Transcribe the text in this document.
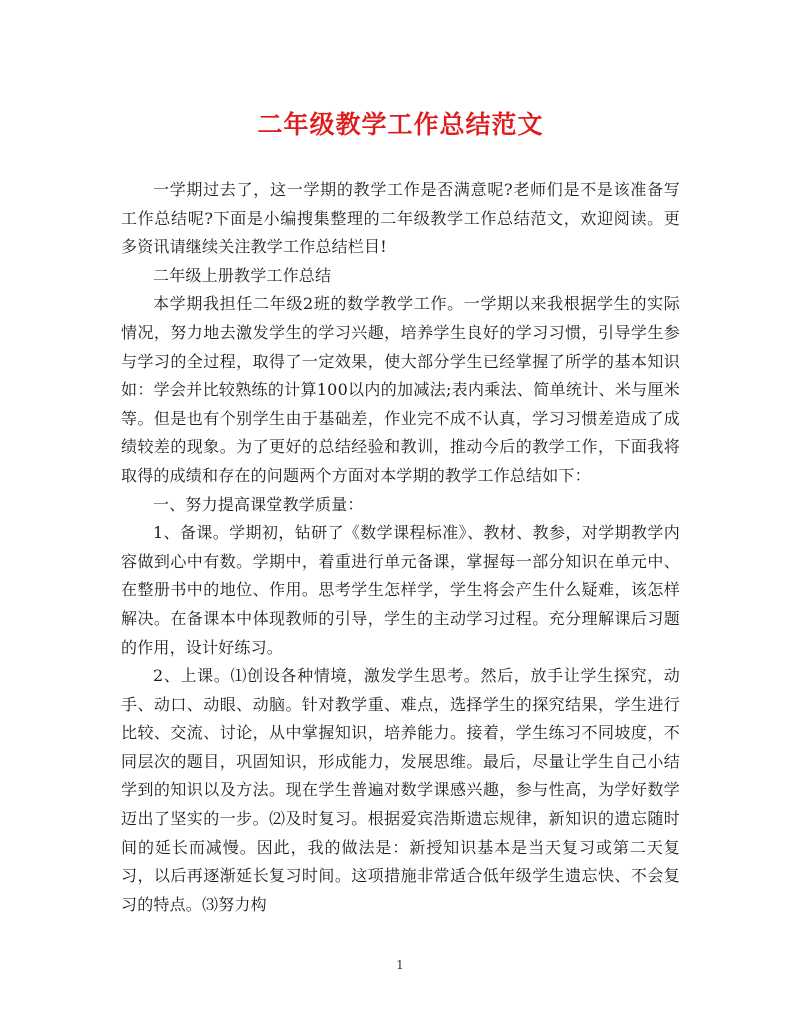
二年级教学工作总结范文

一学期过去了，这一学期的教学工作是否满意呢?老师们是不是该准备写工作总结呢?下面是小编搜集整理的二年级教学工作总结范文，欢迎阅读。更多资讯请继续关注教学工作总结栏目!

二年级上册教学工作总结

本学期我担任二年级2班的数学教学工作。一学期以来我根据学生的实际情况，努力地去激发学生的学习兴趣，培养学生良好的学习习惯，引导学生参与学习的全过程，取得了一定效果，使大部分学生已经掌握了所学的基本知识如：学会并比较熟练的计算100以内的加减法;表内乘法、简单统计、米与厘米等。但是也有个别学生由于基础差，作业完不成不认真，学习习惯差造成了成绩较差的现象。为了更好的总结经验和教训，推动今后的教学工作，下面我将取得的成绩和存在的问题两个方面对本学期的教学工作总结如下：

一、努力提高课堂教学质量：

1、备课。学期初，钻研了《数学课程标准》、教材、教参，对学期教学内容做到心中有数。学期中，着重进行单元备课，掌握每一部分知识在单元中、在整册书中的地位、作用。思考学生怎样学，学生将会产生什么疑难，该怎样解决。在备课本中体现教师的引导，学生的主动学习过程。充分理解课后习题的作用，设计好练习。

2、上课。⑴创设各种情境，激发学生思考。然后，放手让学生探究，动手、动口、动眼、动脑。针对教学重、难点，选择学生的探究结果，学生进行比较、交流、讨论，从中掌握知识，培养能力。接着，学生练习不同坡度，不同层次的题目，巩固知识，形成能力，发展思维。最后，尽量让学生自己小结学到的知识以及方法。现在学生普遍对数学课感兴趣，参与性高，为学好数学迈出了坚实的一步。⑵及时复习。根据爱宾浩斯遗忘规律，新知识的遗忘随时间的延长而减慢。因此，我的做法是：新授知识基本是当天复习或第二天复习，以后再逐渐延长复习时间。这项措施非常适合低年级学生遗忘快、不会复习的特点。⑶努力构

1
